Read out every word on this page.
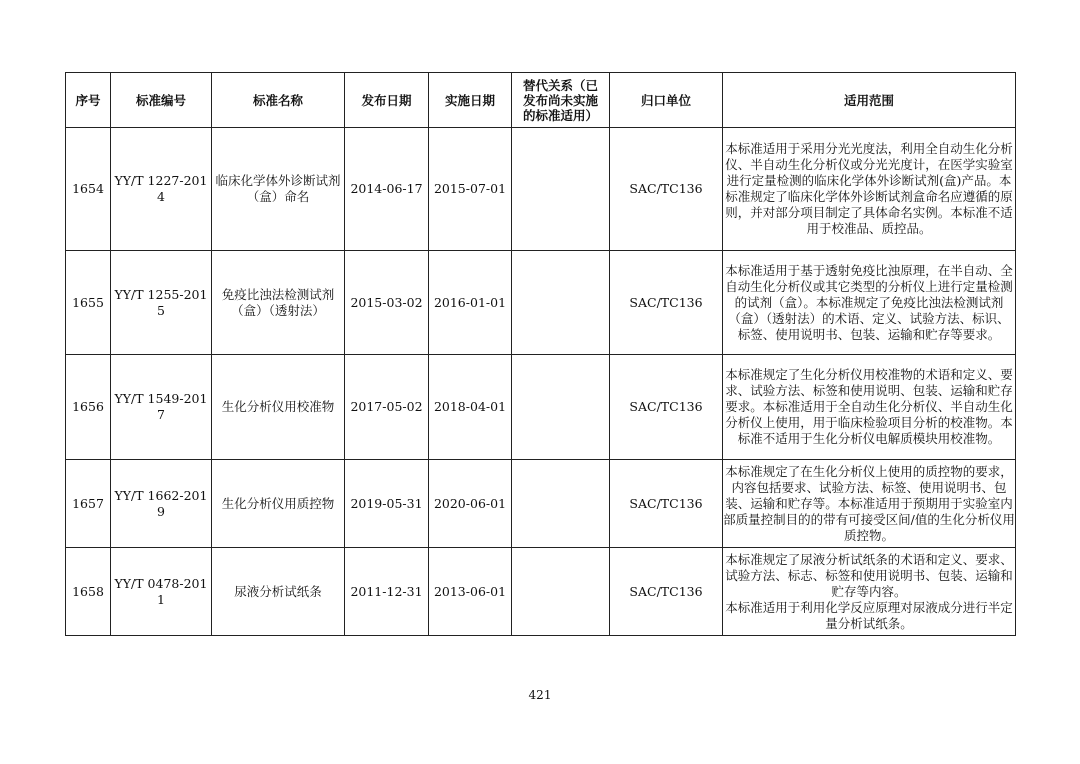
序号	标准编号	标准名称	发布日期	实施日期	替代关系（已发布尚未实施的标准适用）	归口单位	适用范围
1654	YY/T 1227-2014	临床化学体外诊断试剂（盒）命名	2014-06-17	2015-07-01		SAC/TC136	本标准适用于采用分光光度法，利用全自动生化分析仪、半自动生化分析仪或分光光度计，在医学实验室进行定量检测的临床化学体外诊断试剂(盒)产品。本标准规定了临床化学体外诊断试剂盒命名应遵循的原则，并对部分项目制定了具体命名实例。本标准不适用于校准品、质控品。
1655	YY/T 1255-2015	免疫比浊法检测试剂（盒）（透射法）	2015-03-02	2016-01-01		SAC/TC136	本标准适用于基于透射免疫比浊原理，在半自动、全自动生化分析仪或其它类型的分析仪上进行定量检测的试剂（盒）。本标准规定了免疫比浊法检测试剂（盒）（透射法）的术语、定义、试验方法、标识、标签、使用说明书、包装、运输和贮存等要求。
1656	YY/T 1549-2017	生化分析仪用校准物	2017-05-02	2018-04-01		SAC/TC136	本标准规定了生化分析仪用校准物的术语和定义、要求、试验方法、标签和使用说明、包装、运输和贮存要求。本标准适用于全自动生化分析仪、半自动生化分析仪上使用，用于临床检验项目分析的校准物。本标准不适用于生化分析仪电解质模块用校准物。
1657	YY/T 1662-2019	生化分析仪用质控物	2019-05-31	2020-06-01		SAC/TC136	本标准规定了在生化分析仪上使用的质控物的要求，内容包括要求、试验方法、标签、使用说明书、包装、运输和贮存等。本标准适用于预期用于实验室内部质量控制目的的带有可接受区间/值的生化分析仪用质控物。
1658	YY/T 0478-2011	尿液分析试纸条	2011-12-31	2013-06-01		SAC/TC136	本标准规定了尿液分析试纸条的术语和定义、要求、试验方法、标志、标签和使用说明书、包装、运输和贮存等内容。
本标准适用于利用化学反应原理对尿液成分进行半定量分析试纸条。
421
